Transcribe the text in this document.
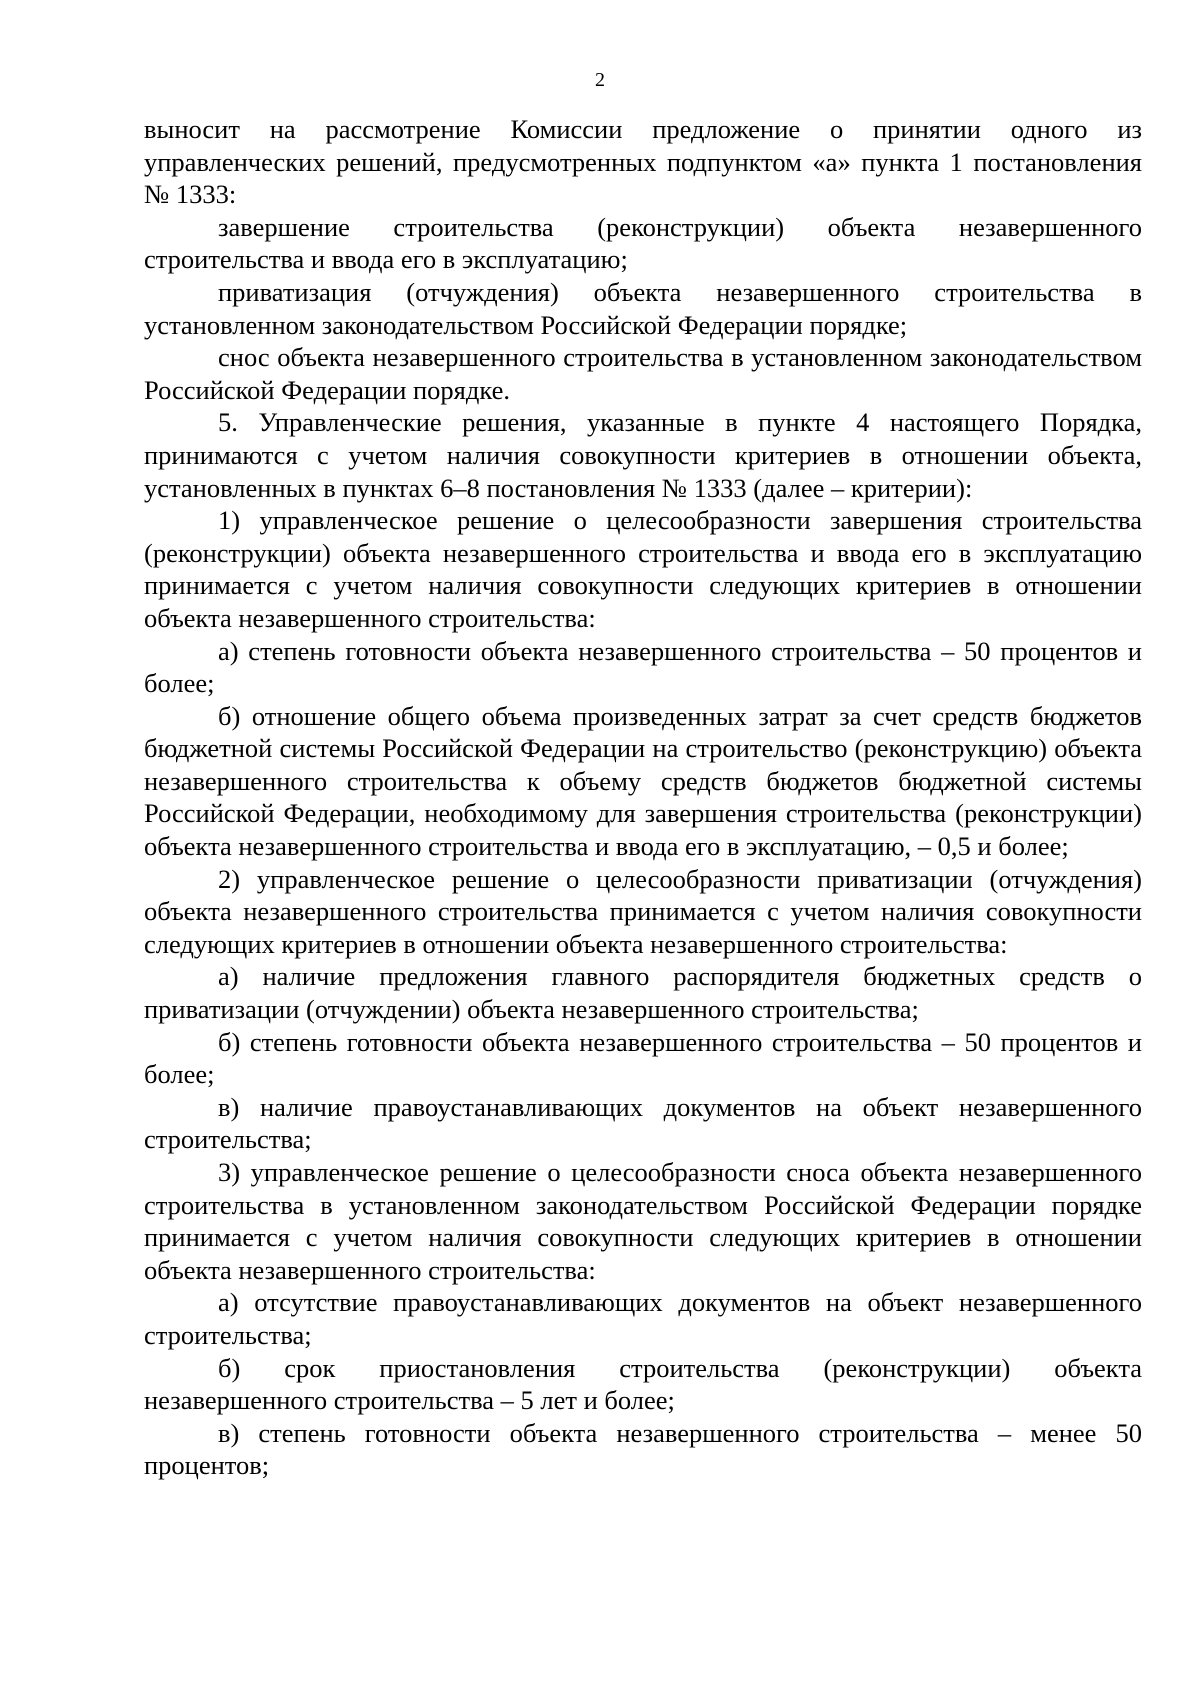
2

выносит на рассмотрение Комиссии предложение о принятии одного из управленческих решений, предусмотренных подпунктом «а» пункта 1 постановления № 1333:

завершение строительства (реконструкции) объекта незавершенного строительства и ввода его в эксплуатацию;

приватизация (отчуждения) объекта незавершенного строительства в установленном законодательством Российской Федерации порядке;

снос объекта незавершенного строительства в установленном законодательством Российской Федерации порядке.

5. Управленческие решения, указанные в пункте 4 настоящего Порядка, принимаются с учетом наличия совокупности критериев в отношении объекта, установленных в пунктах 6–8 постановления № 1333 (далее – критерии):

1) управленческое решение о целесообразности завершения строительства (реконструкции) объекта незавершенного строительства и ввода его в эксплуатацию принимается с учетом наличия совокупности следующих критериев в отношении объекта незавершенного строительства:

а) степень готовности объекта незавершенного строительства – 50 процентов и более;

б) отношение общего объема произведенных затрат за счет средств бюджетов бюджетной системы Российской Федерации на строительство (реконструкцию) объекта незавершенного строительства к объему средств бюджетов бюджетной системы Российской Федерации, необходимому для завершения строительства (реконструкции) объекта незавершенного строительства и ввода его в эксплуатацию, – 0,5 и более;

2) управленческое решение о целесообразности приватизации (отчуждения) объекта незавершенного строительства принимается с учетом наличия совокупности следующих критериев в отношении объекта незавершенного строительства:

а) наличие предложения главного распорядителя бюджетных средств о приватизации (отчуждении) объекта незавершенного строительства;

б) степень готовности объекта незавершенного строительства – 50 процентов и более;

в) наличие правоустанавливающих документов на объект незавершенного строительства;

3) управленческое решение о целесообразности сноса объекта незавершенного строительства в установленном законодательством Российской Федерации порядке принимается с учетом наличия совокупности следующих критериев в отношении объекта незавершенного строительства:

а) отсутствие правоустанавливающих документов на объект незавершенного строительства;

б) срок приостановления строительства (реконструкции) объекта незавершенного строительства – 5 лет и более;

в) степень готовности объекта незавершенного строительства – менее 50 процентов;
